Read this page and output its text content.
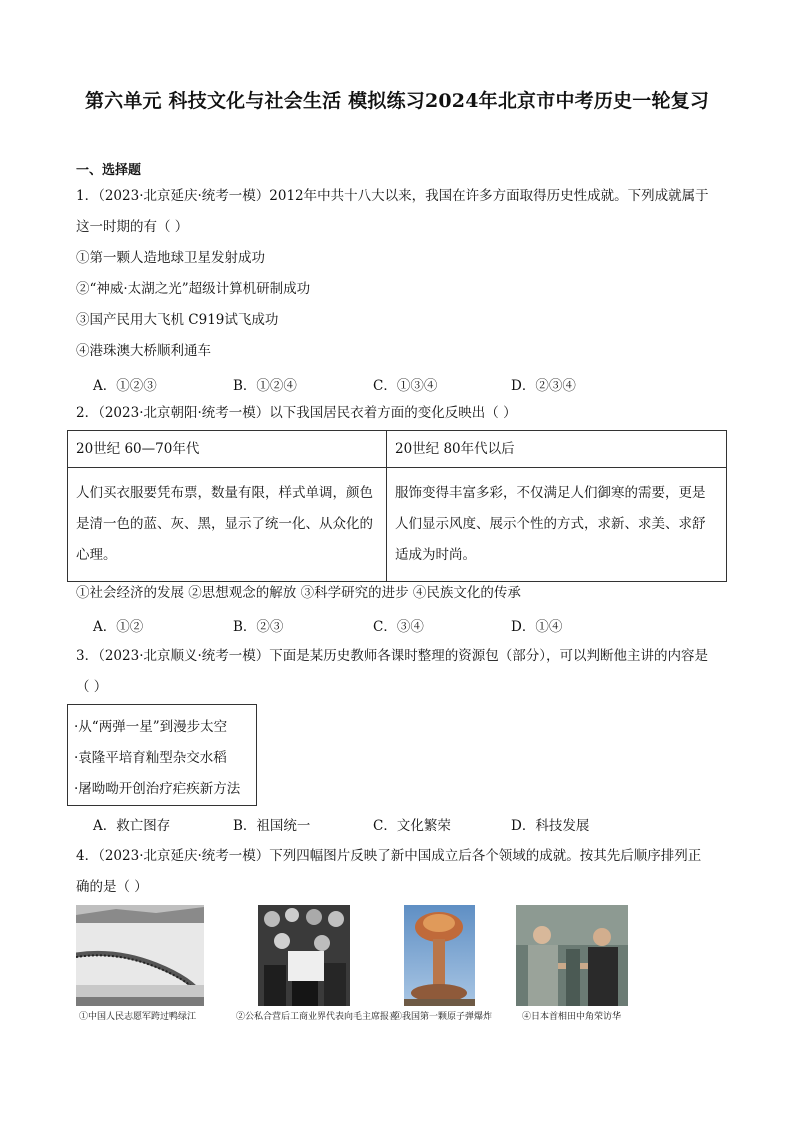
第六单元 科技文化与社会生活 模拟练习2024年北京市中考历史一轮复习
一、选择题
1．（2023·北京延庆·统考一模）2012年中共十八大以来，我国在许多方面取得历史性成就。下列成就属于
这一时期的有（ ）
①第一颗人造地球卫星发射成功
②“神威·太湖之光”超级计算机研制成功
③国产民用大飞机 C919试飞成功
④港珠澳大桥顺利通车
A．①②③	B．①②④	C．①③④	D．②③④
2．（2023·北京朝阳·统考一模）以下我国居民衣着方面的变化反映出（ ）
20世纪 60—70年代	20世纪 80年代以后
人们买衣服要凭布票，数量有限，样式单调，颜色是清一色的蓝、灰、黑，显示了统一化、从众化的心理。	服饰变得丰富多彩，不仅满足人们御寒的需要，更是人们显示风度、展示个性的方式，求新、求美、求舒适成为时尚。
①社会经济的发展 ②思想观念的解放 ③科学研究的进步 ④民族文化的传承
A．①②	B．②③	C．③④	D．①④
3．（2023·北京顺义·统考一模）下面是某历史教师各课时整理的资源包（部分），可以判断他主讲的内容是
（ ）
·从“两弹一星”到漫步太空
·袁隆平培育籼型杂交水稻
·屠呦呦开创治疗疟疾新方法
A．救亡图存	B．祖国统一	C．文化繁荣	D．科技发展
4．（2023·北京延庆·统考一模）下列四幅图片反映了新中国成立后各个领域的成就。按其先后顺序排列正
确的是（ ）
①中国人民志愿军跨过鸭绿江	②公私合营后工商业界代表向毛主席报喜
③我国第一颗原子弹爆炸	④日本首相田中角荣访华
